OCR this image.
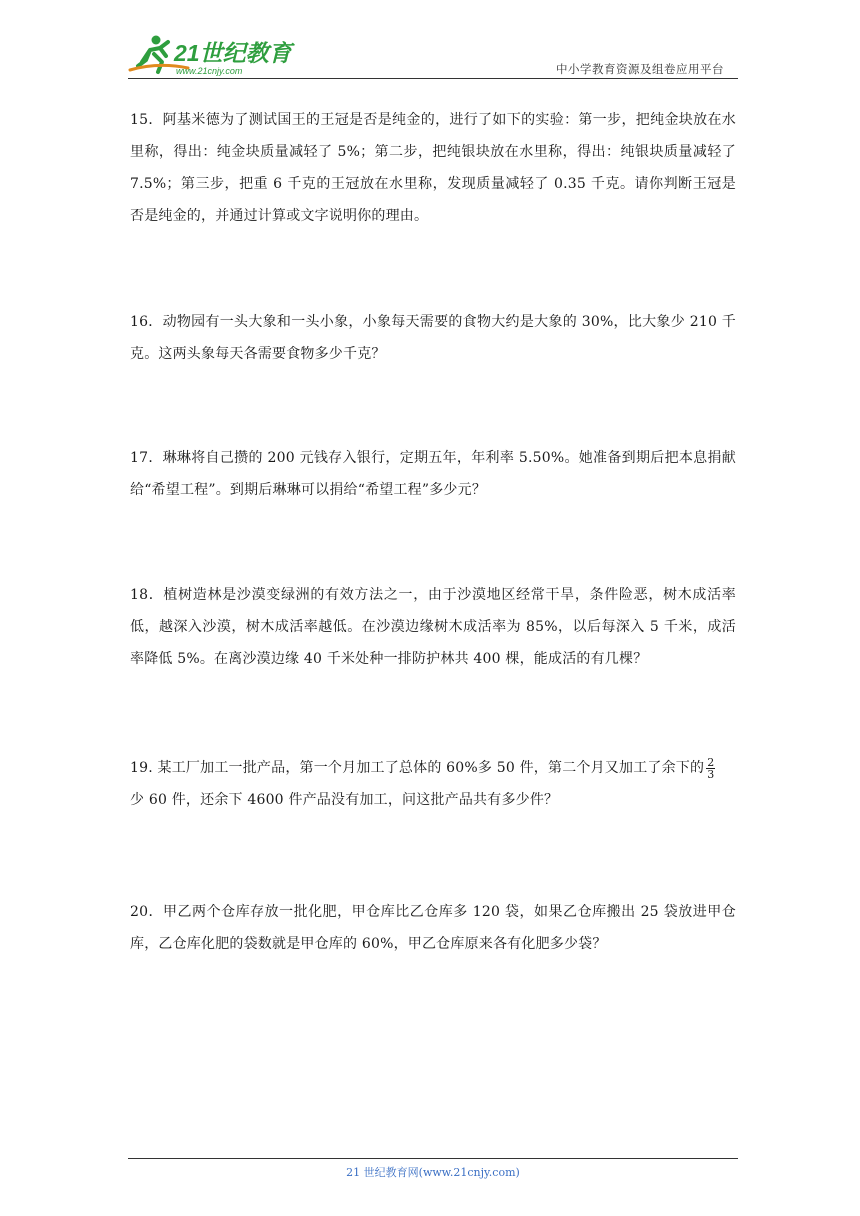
21世纪教育
www.21cnjy.com	中小学教育资源及组卷应用平台
15．阿基米德为了测试国王的王冠是否是纯金的，进行了如下的实验：第一步，把纯金块放在水里称，得出：纯金块质量减轻了 5%；第二步，把纯银块放在水里称，得出：纯银块质量减轻了 7.5%；第三步，把重 6 千克的王冠放在水里称，发现质量减轻了 0.35 千克。请你判断王冠是否是纯金的，并通过计算或文字说明你的理由。
16．动物园有一头大象和一头小象，小象每天需要的食物大约是大象的 30%，比大象少 210 千克。这两头象每天各需要食物多少千克？
17．琳琳将自己攒的 200 元钱存入银行，定期五年，年利率 5.50%。她准备到期后把本息捐献给“希望工程”。到期后琳琳可以捐给“希望工程”多少元？
18．植树造林是沙漠变绿洲的有效方法之一，由于沙漠地区经常干旱，条件险恶，树木成活率低，越深入沙漠，树木成活率越低。在沙漠边缘树木成活率为 85%，以后每深入 5 千米，成活率降低 5%。在离沙漠边缘 40 千米处种一排防护林共 400 棵，能成活的有几棵？
19. 某工厂加工一批产品，第一个月加工了总体的 60%多 50 件，第二个月又加工了余下的 $\frac{2}{3}$

少 60 件，还余下 4600 件产品没有加工，问这批产品共有多少件？
20．甲乙两个仓库存放一批化肥，甲仓库比乙仓库多 120 袋，如果乙仓库搬出 25 袋放进甲仓库，乙仓库化肥的袋数就是甲仓库的 60%，甲乙仓库原来各有化肥多少袋？
21 世纪教育网(www.21cnjy.com)
